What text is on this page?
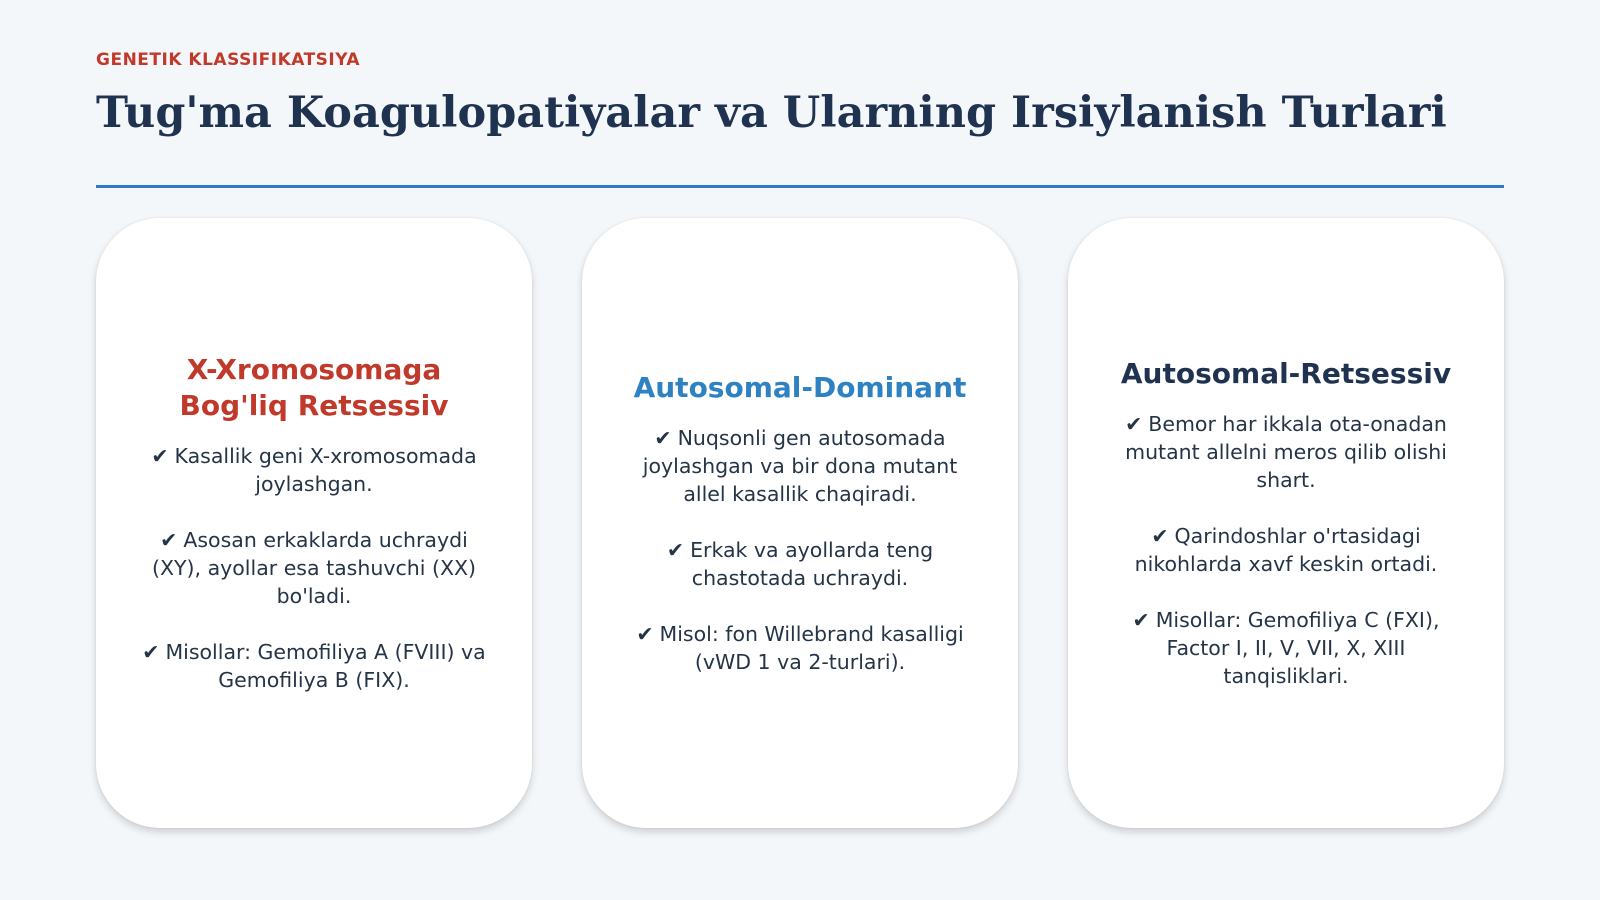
GENETIK KLASSIFIKATSIYA
Tug'ma Koagulopatiyalar va Ularning Irsiylanish Turlari
X-Xromosomaga Bog'liq Retsessiv
✔ Kasallik geni X-xromosomada joylashgan.
✔ Asosan erkaklarda uchraydi (XY), ayollar esa tashuvchi (XX) bo'ladi.
✔ Misollar: Gemofiliya A (FVIII) va Gemofiliya B (FIX).
Autosomal-Dominant
✔ Nuqsonli gen autosomada joylashgan va bir dona mutant allel kasallik chaqiradi.
✔ Erkak va ayollarda teng chastotada uchraydi.
✔ Misol: fon Willebrand kasalligi (vWD 1 va 2-turlari).
Autosomal-Retsessiv
✔ Bemor har ikkala ota-onadan mutant allelni meros qilib olishi shart.
✔ Qarindoshlar o'rtasidagi nikohlarda xavf keskin ortadi.
✔ Misollar: Gemofiliya C (FXI), Factor I, II, V, VII, X, XIII tanqisliklari.
